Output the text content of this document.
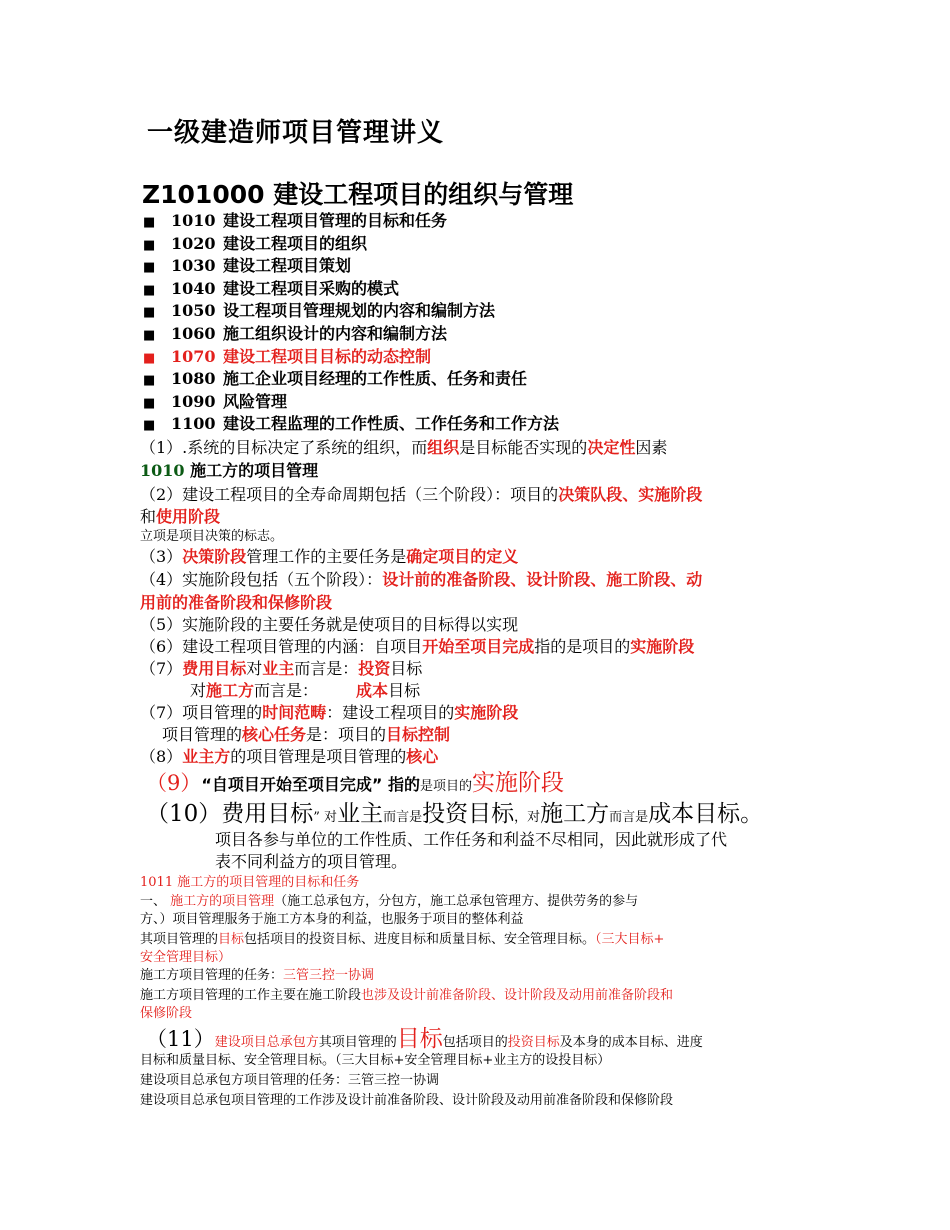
一级建造师项目管理讲义
Z101000 建设工程项目的组织与管理
■ 1010 建设工程项目管理的目标和任务
■ 1020 建设工程项目的组织
■ 1030 建设工程项目策划
■ 1040 建设工程项目采购的模式
■ 1050 设工程项目管理规划的内容和编制方法
■ 1060 施工组织设计的内容和编制方法
■ 1070 建设工程项目目标的动态控制
■ 1080 施工企业项目经理的工作性质、任务和责任
■ 1090 风险管理
■ 1100 建设工程监理的工作性质、工作任务和工作方法
（1）.系统的目标决定了系统的组织，而组织是目标能否实现的决定性因素
1010 施工方的项目管理
（2）建设工程项目的全寿命周期包括（三个阶段）：项目的决策队段、实施阶段
和使用阶段
立项是项目决策的标志。
（3）决策阶段管理工作的主要任务是确定项目的定义
（4）实施阶段包括（五个阶段）：设计前的准备阶段、设计阶段、施工阶段、动
用前的准备阶段和保修阶段
（5）实施阶段的主要任务就是使项目的目标得以实现
（6）建设工程项目管理的内涵：自项目开始至项目完成指的是项目的实施阶段
（7）费用目标对业主而言是：投资目标
对施工方而言是： 成本目标
（7）项目管理的时间范畴：建设工程项目的实施阶段
项目管理的核心任务是：项目的目标控制
（8）业主方的项目管理是项目管理的核心
（9）“自项目开始至项目完成” 指的是项目的实施阶段
（10）费用目标” 对业主而言是投资目标，对施工方而言是成本目标。
项目各参与单位的工作性质、工作任务和利益不尽相同，因此就形成了代
表不同利益方的项目管理。
1011 施工方的项目管理的目标和任务
一、 施工方的项目管理（施工总承包方，分包方，施工总承包管理方、提供劳务的参与
方、）项目管理服务于施工方本身的利益，也服务于项目的整体利益
其项目管理的目标包括项目的投资目标、进度目标和质量目标、安全管理目标。（三大目标+
安全管理目标）
施工方项目管理的任务：三管三控一协调
施工方项目管理的工作主要在施工阶段也涉及设计前准备阶段、设计阶段及动用前准备阶段和
保修阶段
（11）建设项目总承包方其项目管理的目标包括项目的投资目标及本身的成本目标、进度
目标和质量目标、安全管理目标。（三大目标+安全管理目标+业主方的设投目标）
建设项目总承包方项目管理的任务：三管三控一协调
建设项目总承包项目管理的工作涉及设计前准备阶段、设计阶段及动用前准备阶段和保修阶段
